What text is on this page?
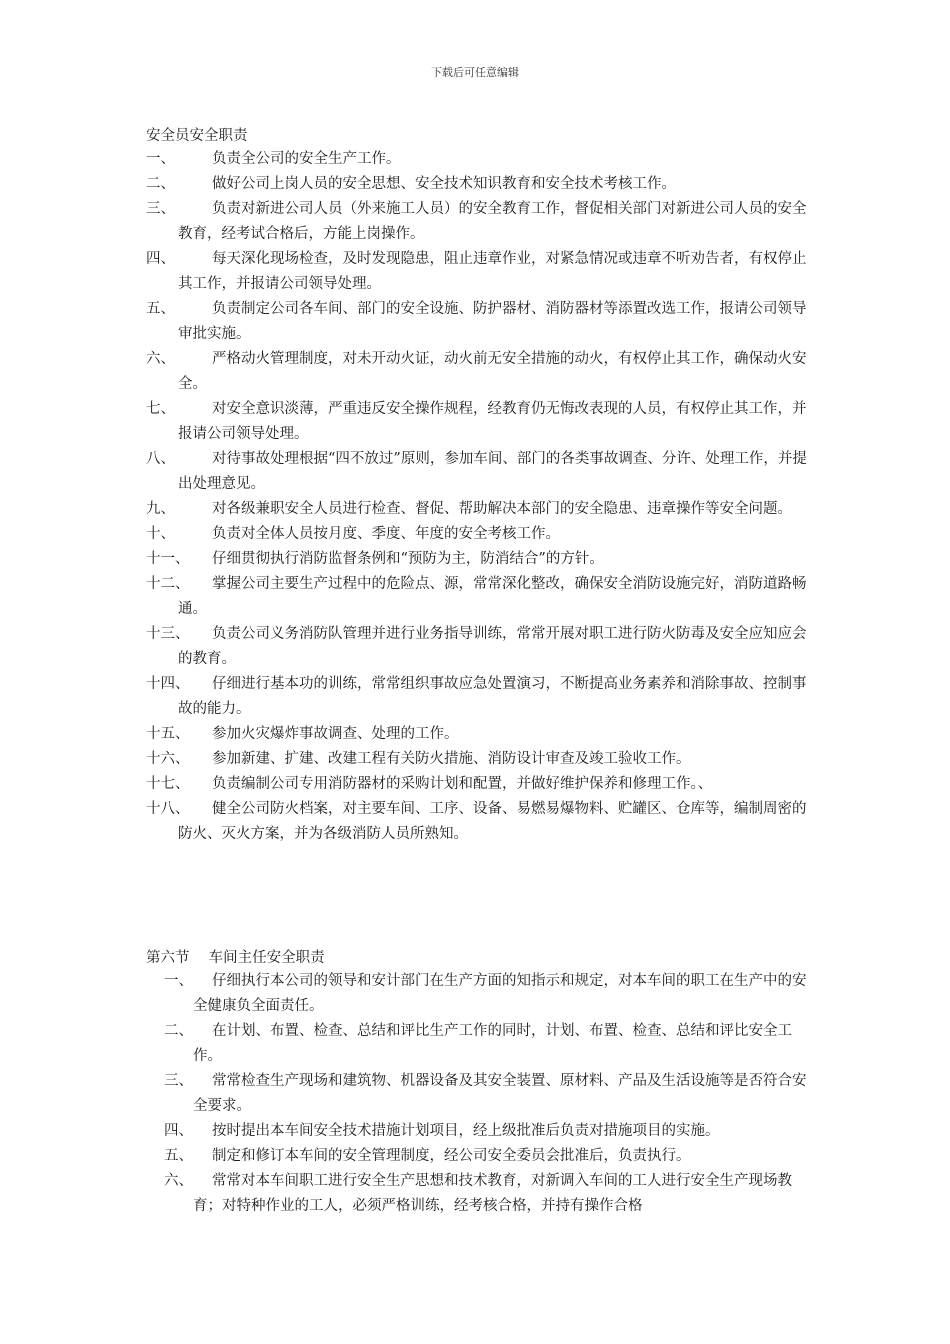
下载后可任意编辑
安全员安全职责
一、	负责全公司的安全生产工作。
二、	做好公司上岗人员的安全思想、安全技术知识教育和安全技术考核工作。
三、	负责对新进公司人员（外来施工人员）的安全教育工作，督促相关部门对新进公司人员的安全教育，经考试合格后，方能上岗操作。
四、	每天深化现场检查，及时发现隐患，阻止违章作业，对紧急情况或违章不听劝告者，有权停止其工作，并报请公司领导处理。
五、	负责制定公司各车间、部门的安全设施、防护器材、消防器材等添置改选工作，报请公司领导审批实施。
六、	严格动火管理制度，对未开动火证，动火前无安全措施的动火，有权停止其工作，确保动火安全。
七、	对安全意识淡薄，严重违反安全操作规程，经教育仍无悔改表现的人员，有权停止其工作，并报请公司领导处理。
八、	对待事故处理根据“四不放过”原则，参加车间、部门的各类事故调查、分许、处理工作，并提出处理意见。
九、	对各级兼职安全人员进行检查、督促、帮助解决本部门的安全隐患、违章操作等安全问题。
十、	负责对全体人员按月度、季度、年度的安全考核工作。
十一、	仔细贯彻执行消防监督条例和“预防为主，防消结合”的方针。
十二、	掌握公司主要生产过程中的危险点、源，常常深化整改，确保安全消防设施完好，消防道路畅通。
十三、	负责公司义务消防队管理并进行业务指导训练，常常开展对职工进行防火防毒及安全应知应会的教育。
十四、	仔细进行基本功的训练，常常组织事故应急处置演习，不断提高业务素养和消除事故、控制事故的能力。
十五、	参加火灾爆炸事故调查、处理的工作。
十六、	参加新建、扩建、改建工程有关防火措施、消防设计审查及竣工验收工作。
十七、	负责编制公司专用消防器材的采购计划和配置，并做好维护保养和修理工作。、
十八、	健全公司防火档案，对主要车间、工序、设备、易燃易爆物料、贮罐区、仓库等，编制周密的防火、灭火方案，并为各级消防人员所熟知。
第六节　 车间主任安全职责
一、	仔细执行本公司的领导和安计部门在生产方面的知指示和规定，对本车间的职工在生产中的安全健康负全面责任。
二、	在计划、布置、检查、总结和评比生产工作的同时，计划、布置、检查、总结和评比安全工作。
三、	常常检查生产现场和建筑物、机器设备及其安全装置、原材料、产品及生活设施等是否符合安全要求。
四、	按时提出本车间安全技术措施计划项目，经上级批准后负责对措施项目的实施。
五、	制定和修订本车间的安全管理制度，经公司安全委员会批准后，负责执行。
六、	常常对本车间职工进行安全生产思想和技术教育，对新调入车间的工人进行安全生产现场教育；对特种作业的工人，必须严格训练，经考核合格，并持有操作合格
